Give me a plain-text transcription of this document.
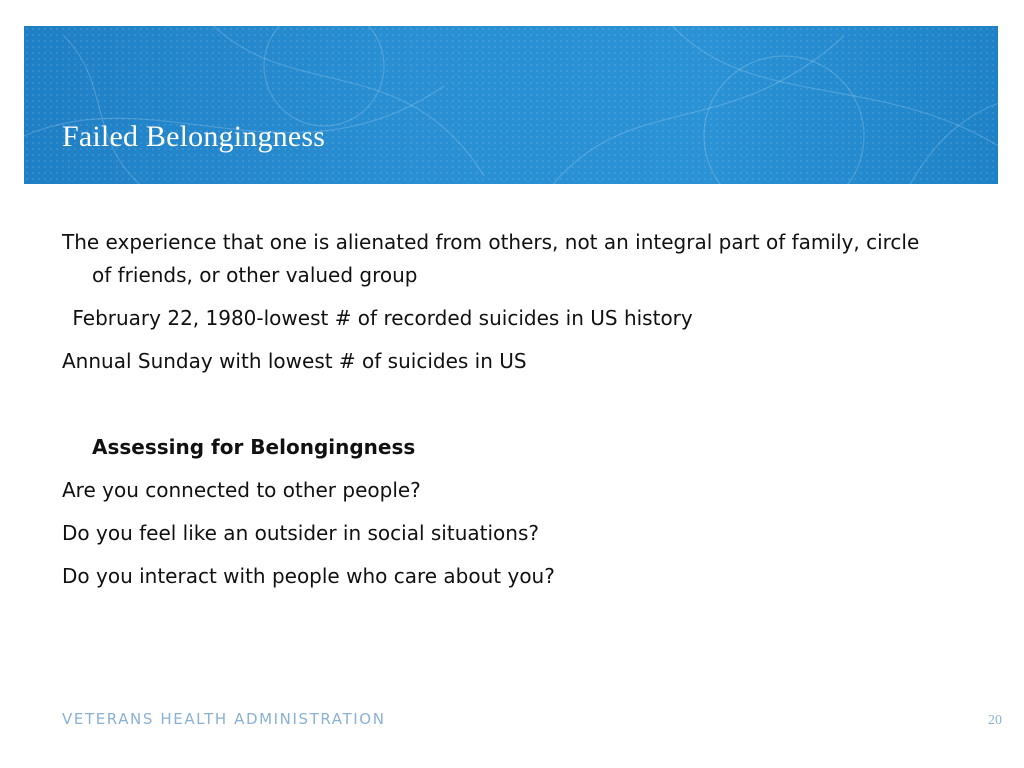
Failed Belongingness

The experience that one is alienated from others, not an integral part of family, circle of friends, or other valued group

February 22, 1980-lowest # of recorded suicides in US history

Annual Sunday with lowest # of suicides in US

Assessing for Belongingness

Are you connected to other people?

Do you feel like an outsider in social situations?

Do you interact with people who care about you?

VETERANS HEALTH ADMINISTRATION	20
